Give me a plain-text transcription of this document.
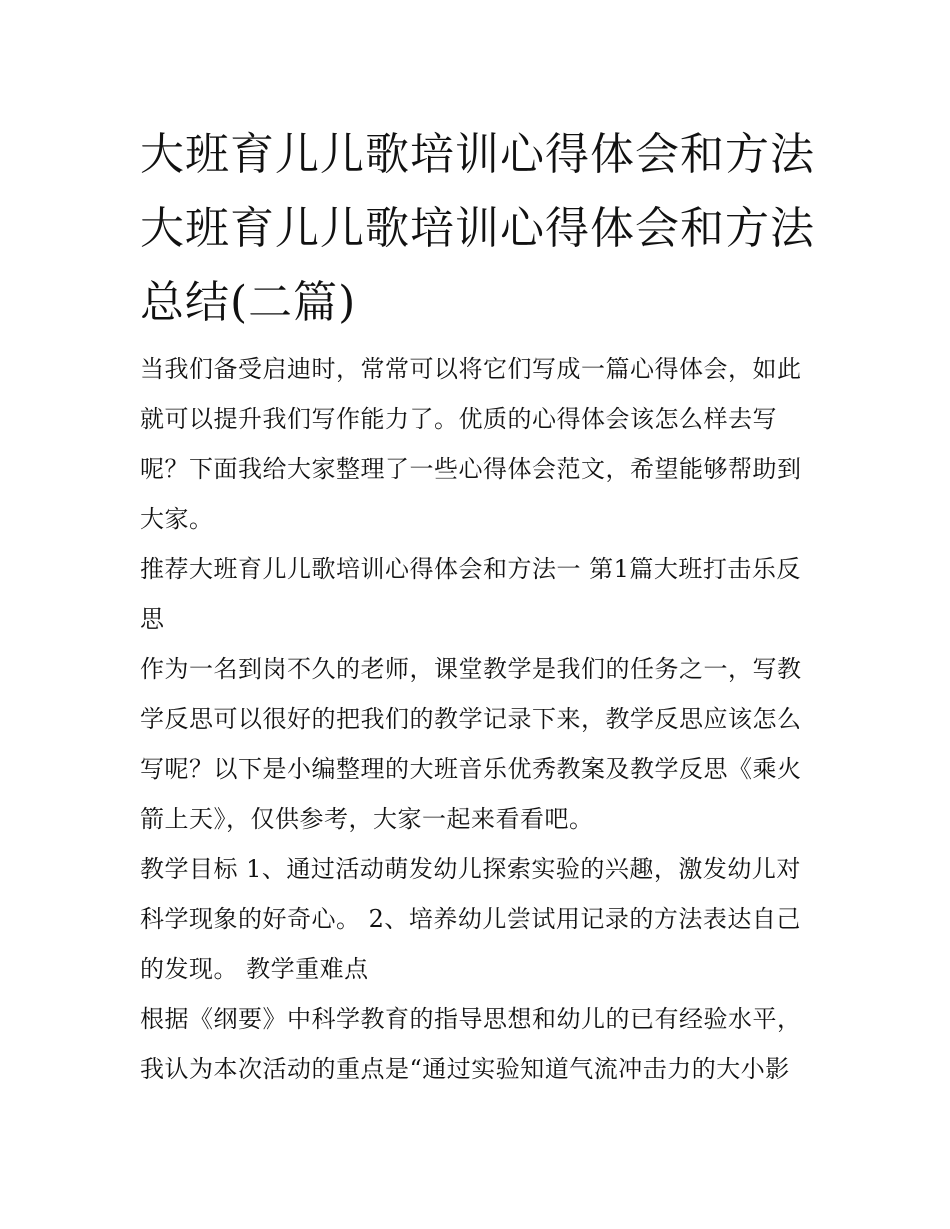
大班育儿儿歌培训心得体会和方法 大班育儿儿歌培训心得体会和方法总结(二篇)

当我们备受启迪时，常常可以将它们写成一篇心得体会，如此就可以提升我们写作能力了。优质的心得体会该怎么样去写呢？下面我给大家整理了一些心得体会范文，希望能够帮助到大家。

推荐大班育儿儿歌培训心得体会和方法一 第1篇大班打击乐反思

作为一名到岗不久的老师，课堂教学是我们的任务之一，写教学反思可以很好的把我们的教学记录下来，教学反思应该怎么写呢？以下是小编整理的大班音乐优秀教案及教学反思《乘火箭上天》，仅供参考，大家一起来看看吧。

教学目标 1、通过活动萌发幼儿探索实验的兴趣，激发幼儿对科学现象的好奇心。 2、培养幼儿尝试用记录的方法表达自己的发现。 教学重难点

根据《纲要》中科学教育的指导思想和幼儿的已有经验水平，我认为本次活动的重点是“通过实验知道气流冲击力的大小影
